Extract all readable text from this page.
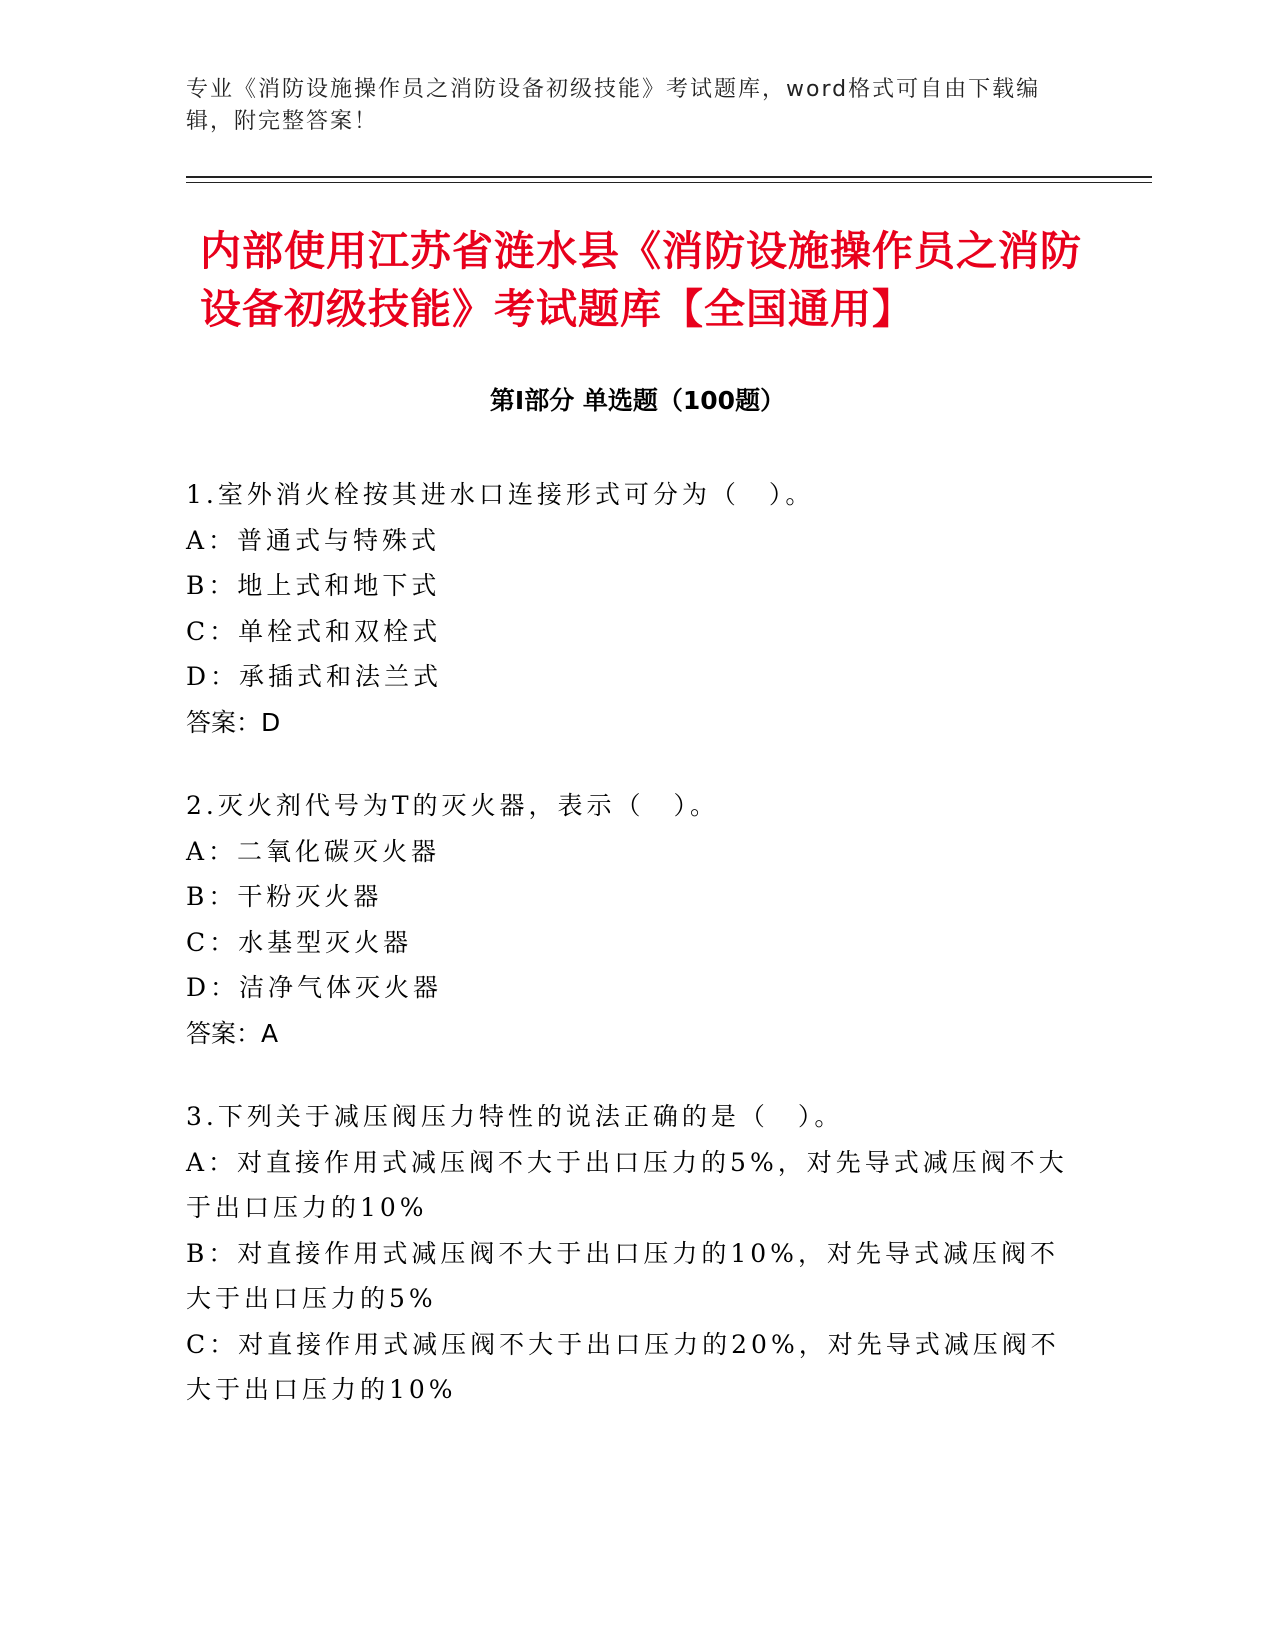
专业《消防设施操作员之消防设备初级技能》考试题库，word格式可自由下载编辑，附完整答案！
内部使用江苏省涟水县《消防设施操作员之消防设备初级技能》考试题库【全国通用】
第Ⅰ部分 单选题（100题）
1.室外消火栓按其进水口连接形式可分为（　）。
A：普通式与特殊式
B：地上式和地下式
C：单栓式和双栓式
D：承插式和法兰式
答案：D
2.灭火剂代号为T的灭火器，表示（　）。
A：二氧化碳灭火器
B：干粉灭火器
C：水基型灭火器
D：洁净气体灭火器
答案：A
3.下列关于减压阀压力特性的说法正确的是（　）。
A：对直接作用式减压阀不大于出口压力的5%，对先导式减压阀不大于出口压力的10%
B：对直接作用式减压阀不大于出口压力的10%，对先导式减压阀不大于出口压力的5%
C：对直接作用式减压阀不大于出口压力的20%，对先导式减压阀不大于出口压力的10%
